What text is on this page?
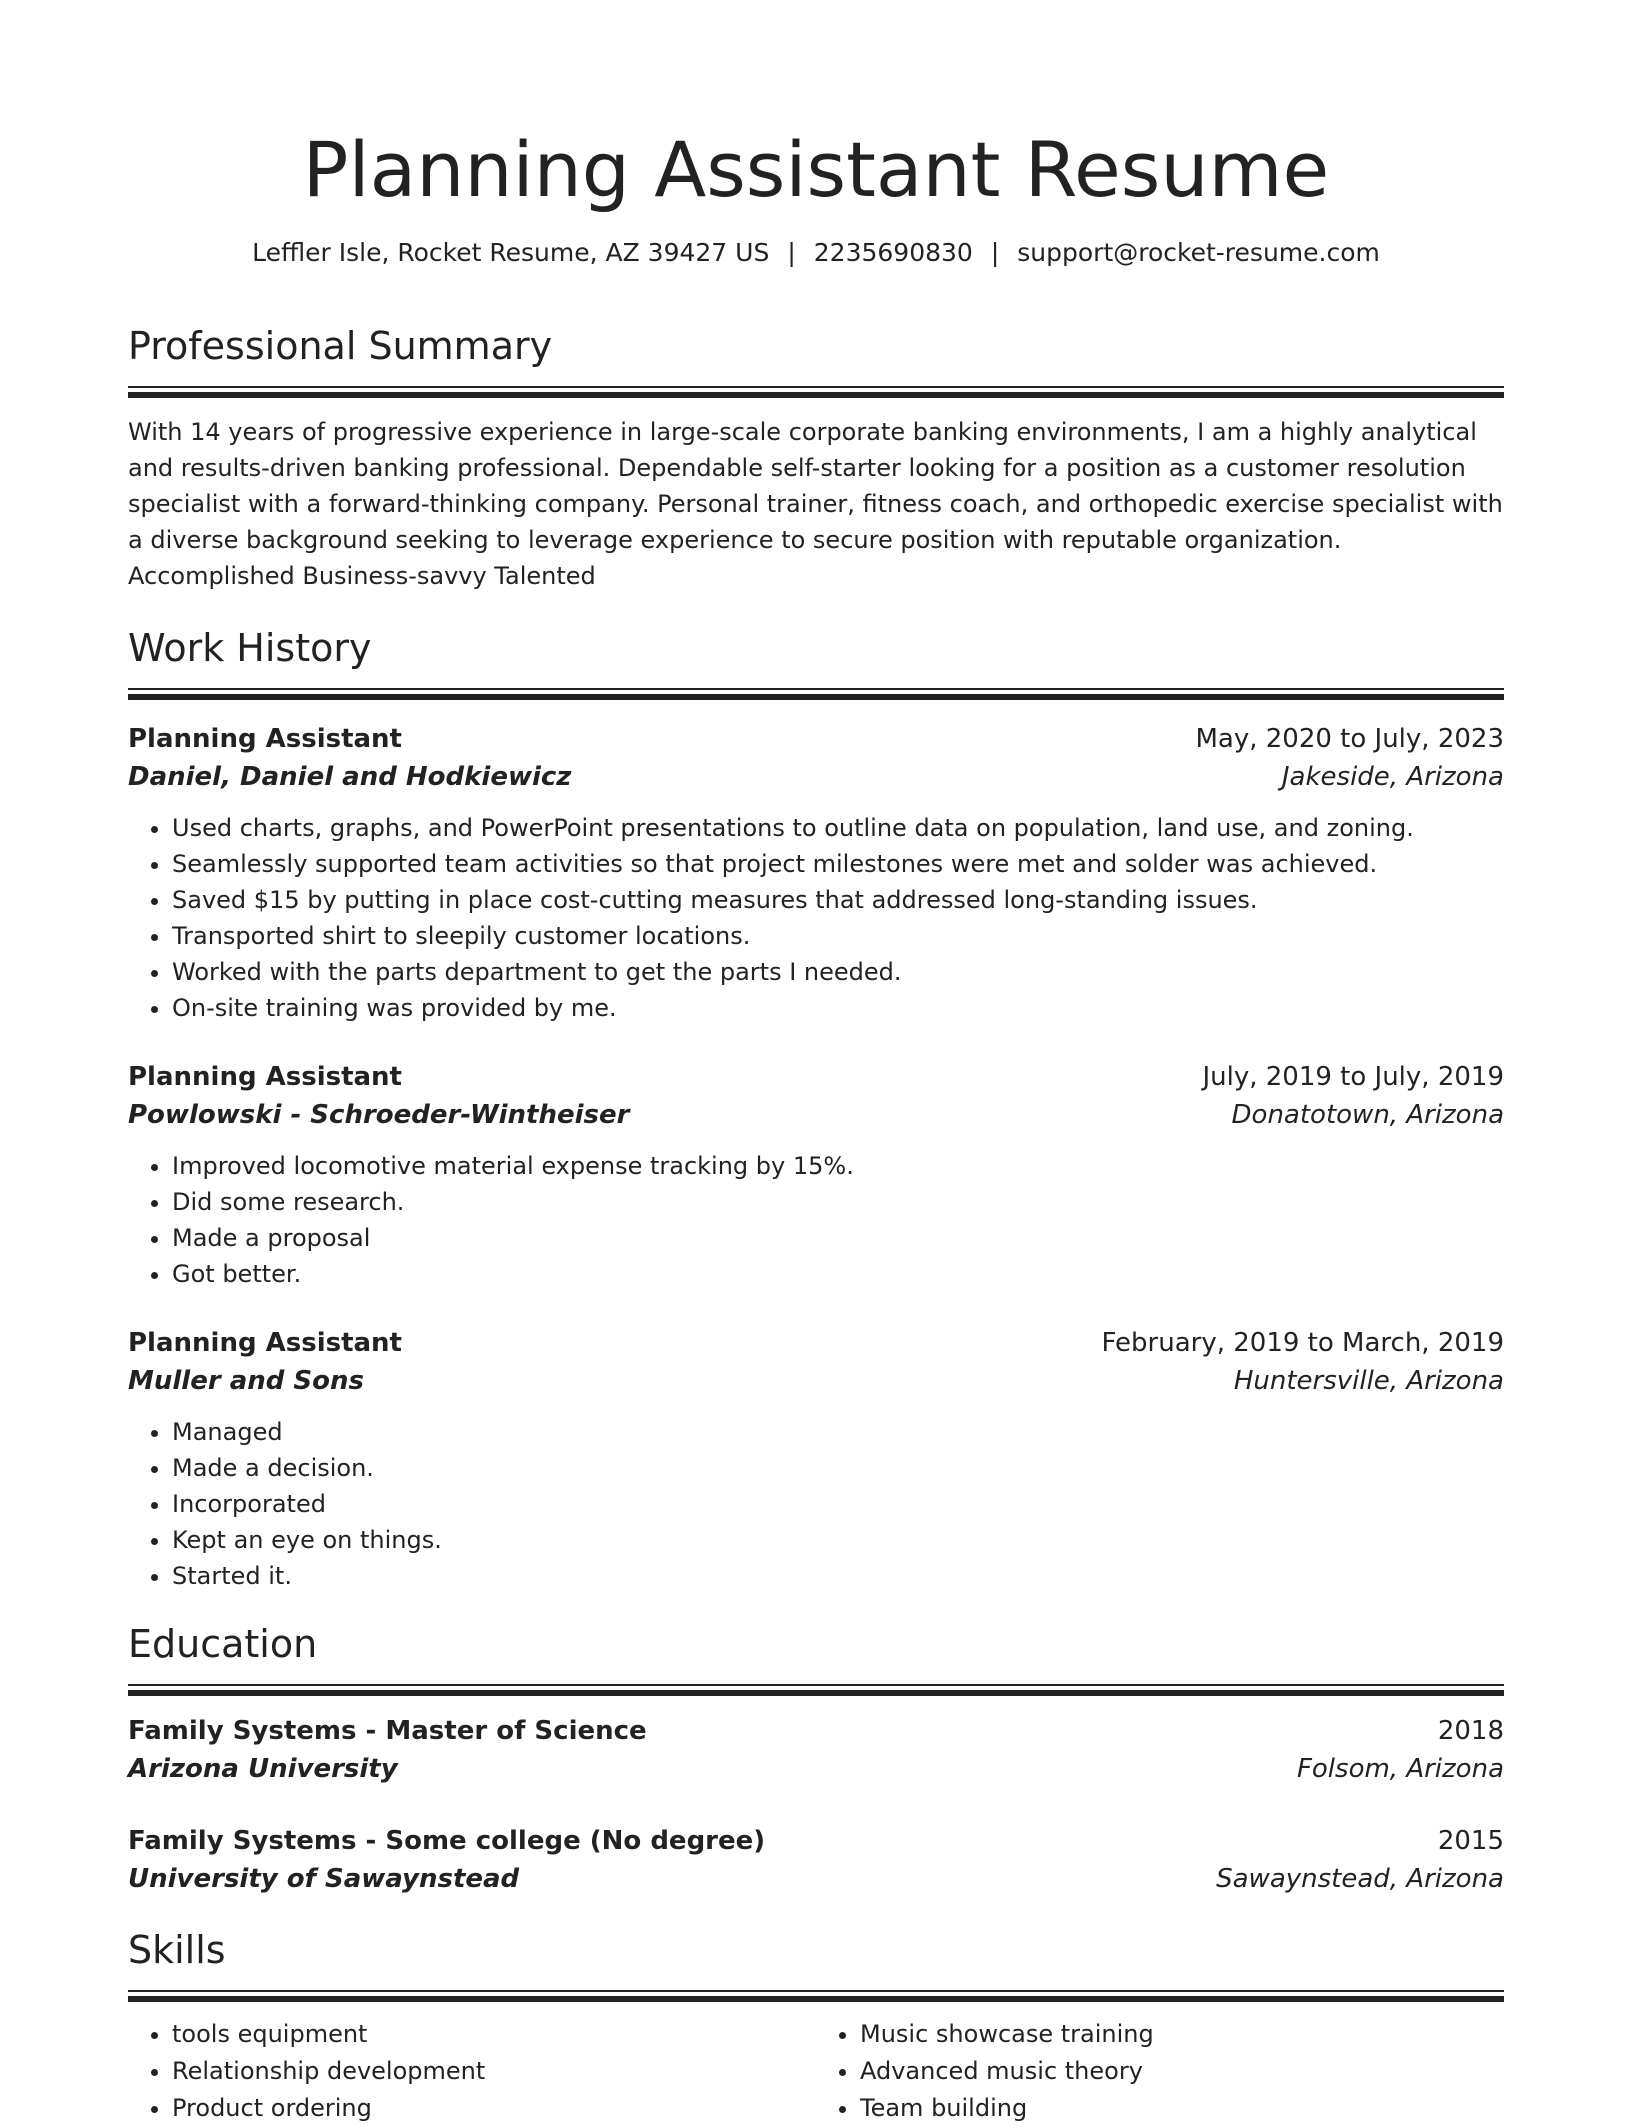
Planning Assistant Resume
Leffler Isle, Rocket Resume, AZ 39427 US | 2235690830 | support@rocket-resume.com
Professional Summary
With 14 years of progressive experience in large-scale corporate banking environments, I am a highly analytical and results-driven banking professional. Dependable self-starter looking for a position as a customer resolution specialist with a forward-thinking company. Personal trainer, fitness coach, and orthopedic exercise specialist with a diverse background seeking to leverage experience to secure position with reputable organization. Accomplished Business-savvy Talented
Work History
Planning Assistant	May, 2020 to July, 2023
Daniel, Daniel and Hodkiewicz	Jakeside, Arizona
• Used charts, graphs, and PowerPoint presentations to outline data on population, land use, and zoning.
• Seamlessly supported team activities so that project milestones were met and solder was achieved.
• Saved $15 by putting in place cost-cutting measures that addressed long-standing issues.
• Transported shirt to sleepily customer locations.
• Worked with the parts department to get the parts I needed.
• On-site training was provided by me.
Planning Assistant	July, 2019 to July, 2019
Powlowski - Schroeder-Wintheiser	Donatotown, Arizona
• Improved locomotive material expense tracking by 15%.
• Did some research.
• Made a proposal
• Got better.
Planning Assistant	February, 2019 to March, 2019
Muller and Sons	Huntersville, Arizona
• Managed
• Made a decision.
• Incorporated
• Kept an eye on things.
• Started it.
Education
Family Systems - Master of Science	2018
Arizona University	Folsom, Arizona
Family Systems - Some college (No degree)	2015
University of Sawaynstead	Sawaynstead, Arizona
Skills
• tools equipment
• Relationship development
• Product ordering
• Music showcase training
• Advanced music theory
• Team building
